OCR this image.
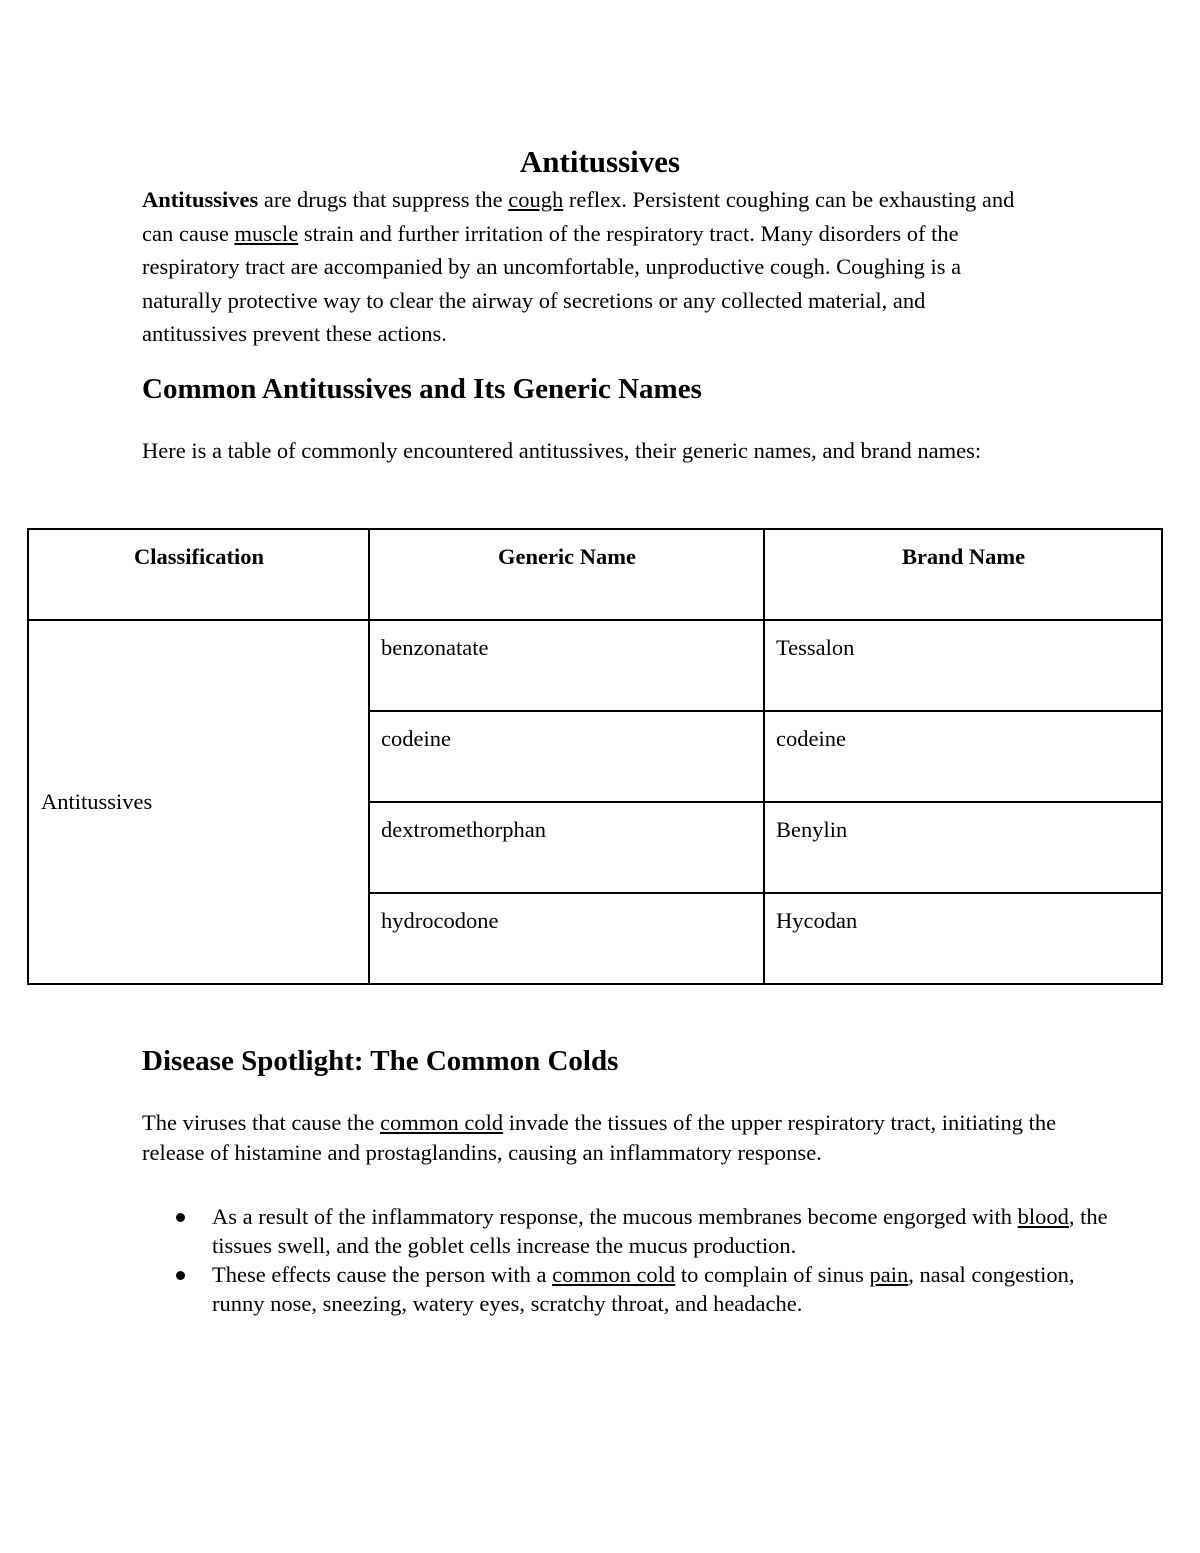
Antitussives

Antitussives are drugs that suppress the cough reflex. Persistent coughing can be exhausting and can cause muscle strain and further irritation of the respiratory tract. Many disorders of the respiratory tract are accompanied by an uncomfortable, unproductive cough. Coughing is a naturally protective way to clear the airway of secretions or any collected material, and antitussives prevent these actions.

Common Antitussives and Its Generic Names

Here is a table of commonly encountered antitussives, their generic names, and brand names:

Classification	Generic Name	Brand Name
Antitussives	benzonatate	Tessalon
	codeine	codeine
	dextromethorphan	Benylin
	hydrocodone	Hycodan
Disease Spotlight: The Common Colds

The viruses that cause the common cold invade the tissues of the upper respiratory tract, initiating the release of histamine and prostaglandins, causing an inflammatory response.

As a result of the inflammatory response, the mucous membranes become engorged with blood, the tissues swell, and the goblet cells increase the mucus production.
These effects cause the person with a common cold to complain of sinus pain, nasal congestion, runny nose, sneezing, watery eyes, scratchy throat, and headache.
